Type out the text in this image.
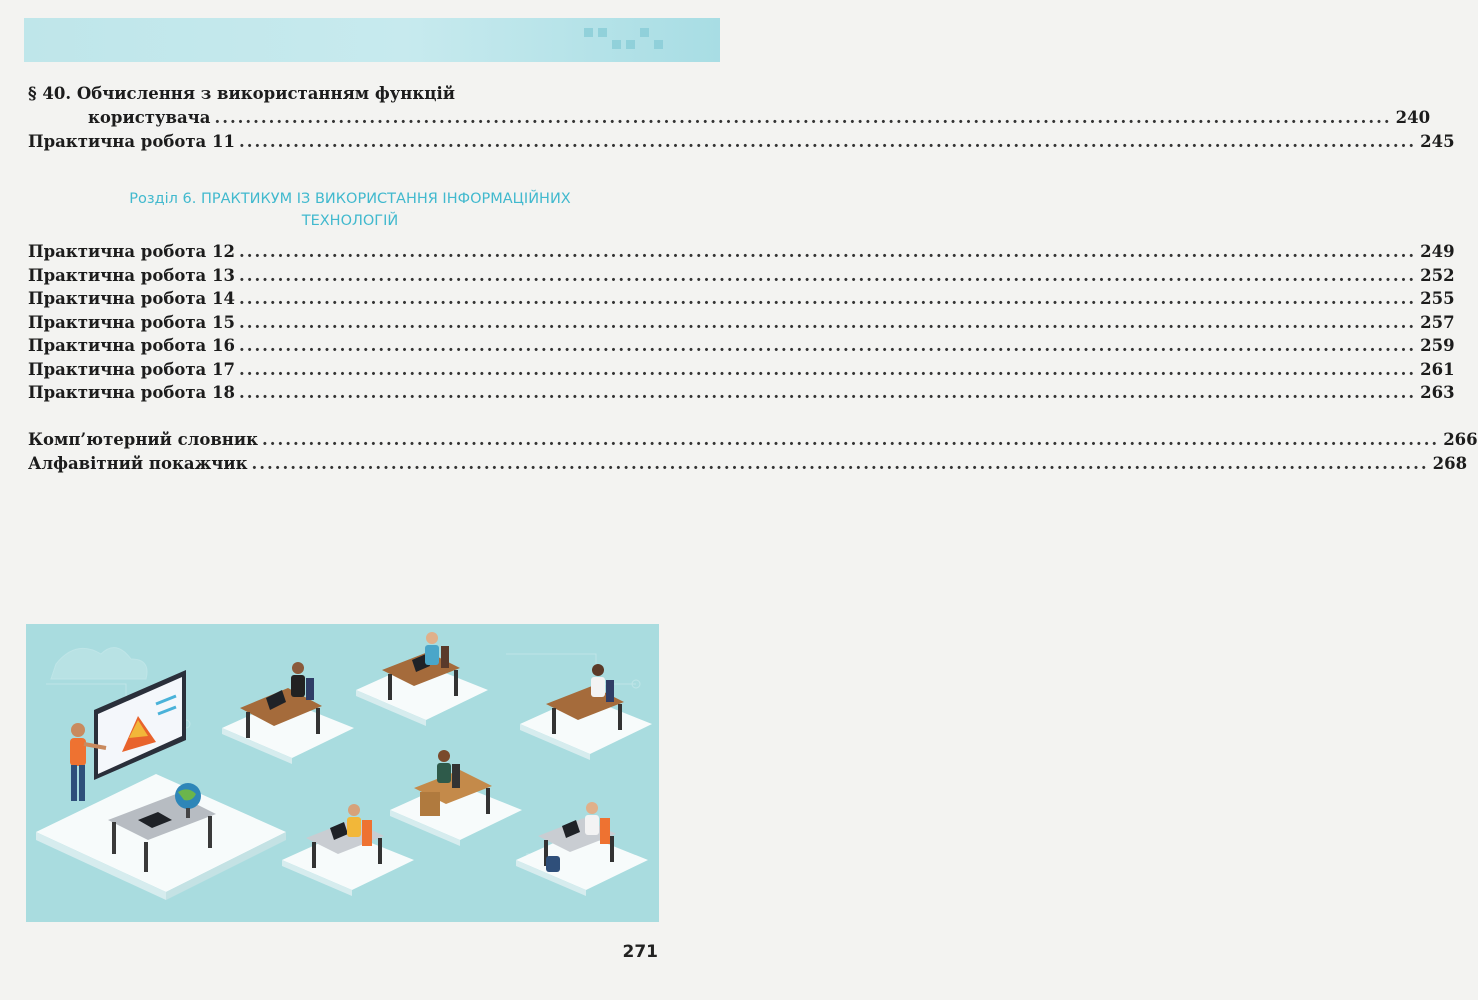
§ 40. Обчислення з використанням функцій
користувача ........................................................................................................................................................ 240
Практична робота 11 ........................................................................................................................................................ 245
Практична робота 12 ........................................................................................................................................................ 249
Практична робота 13 ........................................................................................................................................................ 252
Практична робота 14 ........................................................................................................................................................ 255
Практична робота 15 ........................................................................................................................................................ 257
Практична робота 16 ........................................................................................................................................................ 259
Практична робота 17 ........................................................................................................................................................ 261
Практична робота 18 ........................................................................................................................................................ 263
Комп’ютерний словник ........................................................................................................................................................ 266
Алфавітний покажчик ........................................................................................................................................................ 268
Розділ 6. ПРАКТИКУМ ІЗ ВИКОРИСТАННЯ ІНФОРМАЦІЙНИХ
ТЕХНОЛОГІЙ
271
